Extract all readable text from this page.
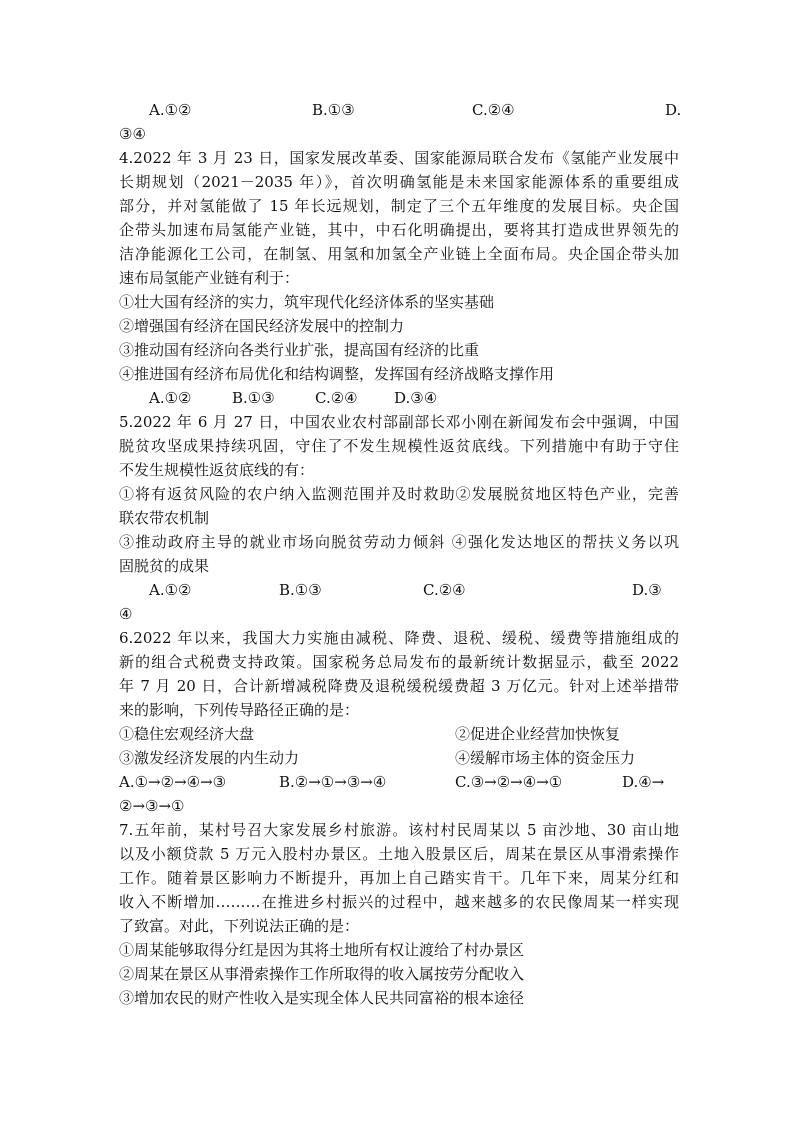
A.①②	B.①③	C.②④	D.
③④
4.2022 年 3 月 23 日，国家发展改革委、国家能源局联合发布《氢能产业发展中
长期规划（2021－2035 年）》，首次明确氢能是未来国家能源体系的重要组成
部分，并对氢能做了 15 年长远规划，制定了三个五年维度的发展目标。央企国
企带头加速布局氢能产业链，其中，中石化明确提出，要将其打造成世界领先的
洁净能源化工公司，在制氢、用氢和加氢全产业链上全面布局。央企国企带头加
速布局氢能产业链有利于：
①壮大国有经济的实力，筑牢现代化经济体系的坚实基础
②增强国有经济在国民经济发展中的控制力
③推动国有经济向各类行业扩张，提高国有经济的比重
④推进国有经济布局优化和结构调整，发挥国有经济战略支撑作用
A.①②	B.①③	C.②④ D.③④
5.2022 年 6 月 27 日，中国农业农村部副部长邓小刚在新闻发布会中强调，中国
脱贫攻坚成果持续巩固，守住了不发生规模性返贫底线。下列措施中有助于守住
不发生规模性返贫底线的有：
①将有返贫风险的农户纳入监测范围并及时救助②发展脱贫地区特色产业，完善
联农带农机制
③推动政府主导的就业市场向脱贫劳动力倾斜 ④强化发达地区的帮扶义务以巩
固脱贫的成果
A.①②	B.①③	C.②④	D.③
④
6.2022 年以来，我国大力实施由减税、降费、退税、缓税、缓费等措施组成的
新的组合式税费支持政策。国家税务总局发布的最新统计数据显示，截至 2022
年 7 月 20 日，合计新增减税降费及退税缓税缓费超 3 万亿元。针对上述举措带
来的影响，下列传导路径正确的是：
①稳住宏观经济大盘	②促进企业经营加快恢复
③激发经济发展的内生动力	④缓解市场主体的资金压力
A.①→②→④→③	B.②→①→③→④	C.③→②→④→①	D.④→
②→③→①
7.五年前，某村号召大家发展乡村旅游。该村村民周某以 5 亩沙地、30 亩山地
以及小额贷款 5 万元入股村办景区。土地入股景区后，周某在景区从事滑索操作
工作。随着景区影响力不断提升，再加上自己踏实肯干。几年下来，周某分红和
收入不断增加………在推进乡村振兴的过程中，越来越多的农民像周某一样实现
了致富。对此，下列说法正确的是：
①周某能够取得分红是因为其将土地所有权让渡给了村办景区
②周某在景区从事滑索操作工作所取得的收入属按劳分配收入
③增加农民的财产性收入是实现全体人民共同富裕的根本途径
